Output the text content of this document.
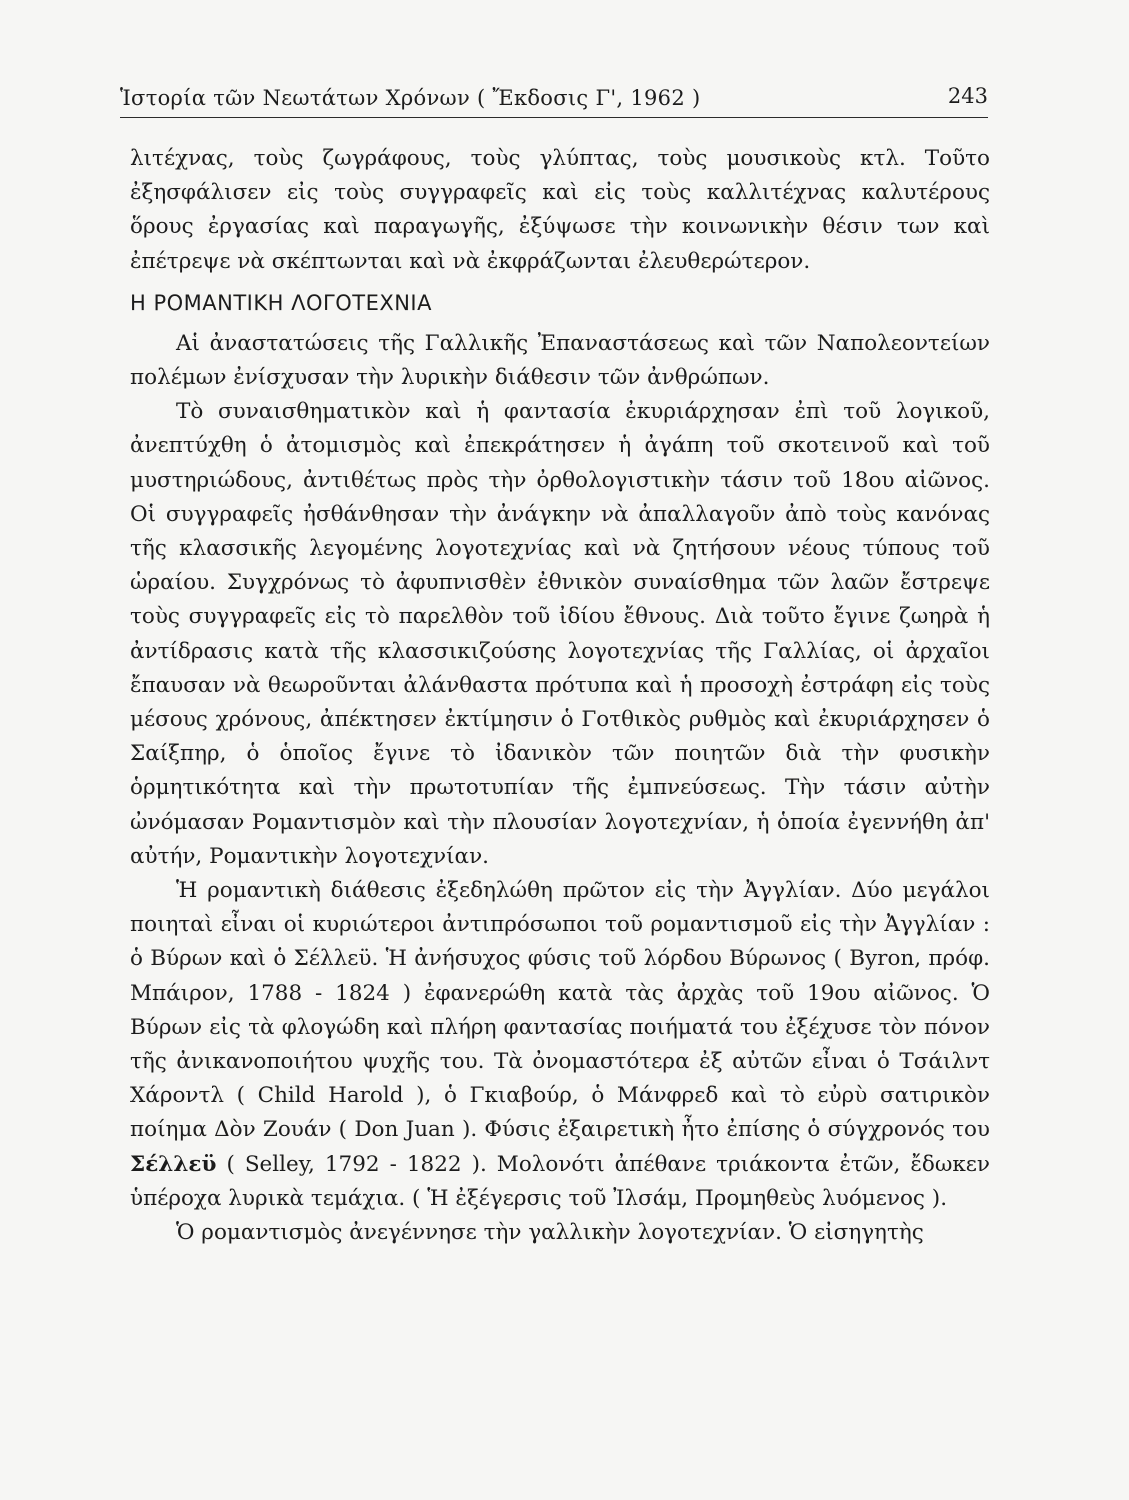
Ἱστορία τῶν Νεωτάτων Χρόνων ( Ἔκδοσις Γ', 1962 )	243

λιτέχνας, τοὺς ζωγράφους, τοὺς γλύπτας, τοὺς μουσικοὺς κτλ. Τοῦτο ἐξησφάλισεν εἰς τοὺς συγγραφεῖς καὶ εἰς τοὺς καλλιτέχνας καλυτέρους ὅρους ἐργασίας καὶ παραγωγῆς, ἐξύψωσε τὴν κοινωνικὴν θέσιν των καὶ ἐπέτρεψε νὰ σκέπτωνται καὶ νὰ ἐκφράζωνται ἐλευθερώτερον.

Η ΡΟΜΑΝΤΙΚΗ ΛΟΓΟΤΕΧΝΙΑ

Αἱ ἀναστατώσεις τῆς Γαλλικῆς Ἐπαναστάσεως καὶ τῶν Ναπολεοντείων πολέμων ἐνίσχυσαν τὴν λυρικὴν διάθεσιν τῶν ἀνθρώπων.

Τὸ συναισθηματικὸν καὶ ἡ φαντασία ἐκυριάρχησαν ἐπὶ τοῦ λογικοῦ, ἀνεπτύχθη ὁ ἀτομισμὸς καὶ ἐπεκράτησεν ἡ ἀγάπη τοῦ σκοτεινοῦ καὶ τοῦ μυστηριώδους, ἀντιθέτως πρὸς τὴν ὀρθολογιστικὴν τάσιν τοῦ 18ου αἰῶνος. Οἱ συγγραφεῖς ἠσθάνθησαν τὴν ἀνάγκην νὰ ἀπαλλαγοῦν ἀπὸ τοὺς κανόνας τῆς κλασσικῆς λεγομένης λογοτεχνίας καὶ νὰ ζητήσουν νέους τύπους τοῦ ὡραίου. Συγχρόνως τὸ ἀφυπνισθὲν ἐθνικὸν συναίσθημα τῶν λαῶν ἔστρεψε τοὺς συγγραφεῖς εἰς τὸ παρελθὸν τοῦ ἰδίου ἔθνους. Διὰ τοῦτο ἔγινε ζωηρὰ ἡ ἀντίδρασις κατὰ τῆς κλασσικιζούσης λογοτεχνίας τῆς Γαλλίας, οἱ ἀρχαῖοι ἔπαυσαν νὰ θεωροῦνται ἀλάνθαστα πρότυπα καὶ ἡ προσοχὴ ἐστράφη εἰς τοὺς μέσους χρόνους, ἀπέκτησεν ἐκτίμησιν ὁ Γοτθικὸς ρυθμὸς καὶ ἐκυριάρχησεν ὁ Σαίξπηρ, ὁ ὁποῖος ἔγινε τὸ ἰδανικὸν τῶν ποιητῶν διὰ τὴν φυσικὴν ὁρμητικότητα καὶ τὴν πρωτοτυπίαν τῆς ἐμπνεύσεως. Τὴν τάσιν αὐτὴν ὠνόμασαν Ρομαντισμὸν καὶ τὴν πλουσίαν λογοτεχνίαν, ἡ ὁποία ἐγεννήθη ἀπ' αὐτήν, Ρομαντικὴν λογοτεχνίαν.

Ἡ ρομαντικὴ διάθεσις ἐξεδηλώθη πρῶτον εἰς τὴν Ἀγγλίαν. Δύο μεγάλοι ποιηταὶ εἶναι οἱ κυριώτεροι ἀντιπρόσωποι τοῦ ρομαντισμοῦ εἰς τὴν Ἀγγλίαν : ὁ Βύρων καὶ ὁ Σέλλεϋ. Ἡ ἀνήσυχος φύσις τοῦ λόρδου Βύρωνος ( Byron, πρόφ. Μπάιρον, 1788 - 1824 ) ἐφανερώθη κατὰ τὰς ἀρχὰς τοῦ 19ου αἰῶνος. Ὁ Βύρων εἰς τὰ φλογώδη καὶ πλήρη φαντασίας ποιήματά του ἐξέχυσε τὸν πόνον τῆς ἀνικανοποιήτου ψυχῆς του. Τὰ ὀνομαστότερα ἐξ αὐτῶν εἶναι ὁ Τσάιλντ Χάροντλ ( Child Harold ), ὁ Γκιαβούρ, ὁ Μάνφρεδ καὶ τὸ εὐρὺ σατιρικὸν ποίημα Δὸν Ζουάν ( Don Juan ). Φύσις ἐξαιρετικὴ ἦτο ἐπίσης ὁ σύγχρονός του Σέλλεϋ ( Selley, 1792 - 1822 ). Μολονότι ἀπέθανε τριάκοντα ἐτῶν, ἔδωκεν ὑπέροχα λυρικὰ τεμάχια. ( Ἡ ἐξέγερσις τοῦ Ἰλσάμ, Προμηθεὺς λυόμενος ).

Ὁ ρομαντισμὸς ἀνεγέννησε τὴν γαλλικὴν λογοτεχνίαν. Ὁ εἰσηγητὴς
